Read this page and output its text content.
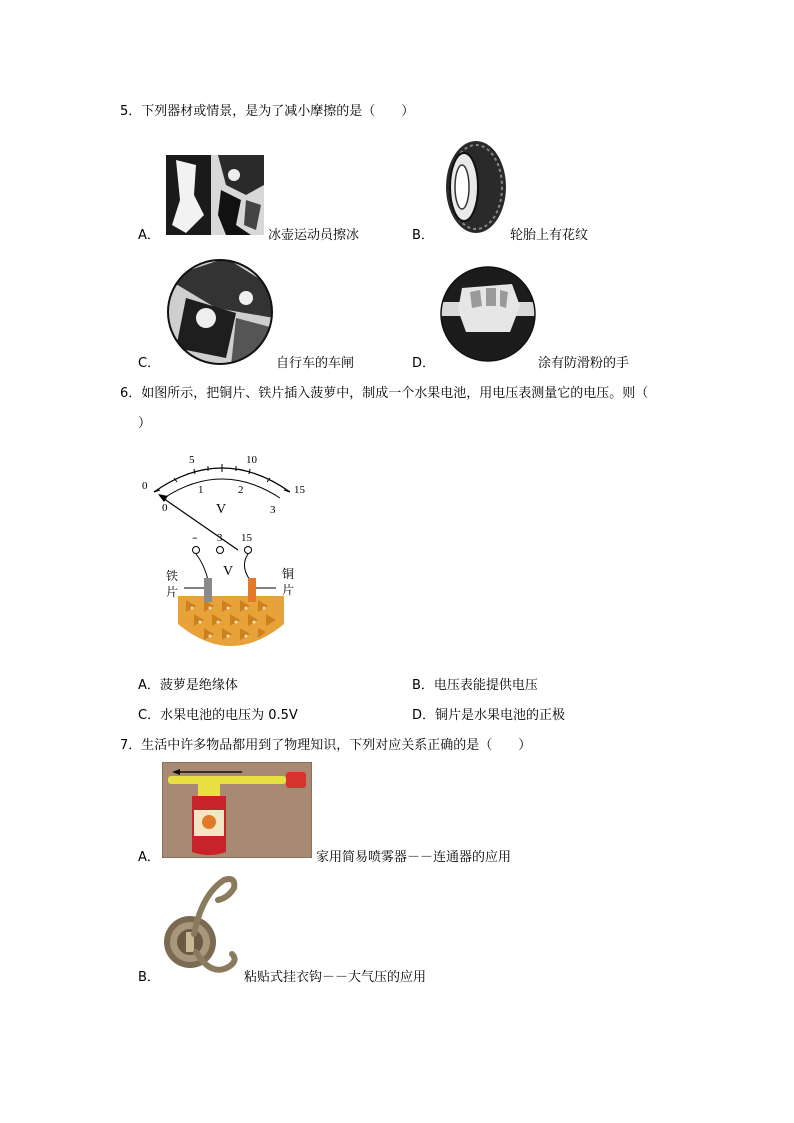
5．下列器材或情景，是为了减小摩擦的是（　　）
A．	冰壶运动员擦冰	B．	轮胎上有花纹
C．	自行车的车闸	D．	涂有防滑粉的手
6．如图所示，把铜片、铁片插入菠萝中，制成一个水果电池，用电压表测量它的电压。则（
）
5	10
0	15
1	2
0	3
V
– 3 15
V
铁
片
铜
片
A．菠萝是绝缘体	B．电压表能提供电压
C．水果电池的电压为 0.5V	D．铜片是水果电池的正极
7．生活中许多物品都用到了物理知识，下列对应关系正确的是（　　）
A．	家用简易喷雾器－－连通器的应用
B．	粘贴式挂衣钩－－大气压的应用
